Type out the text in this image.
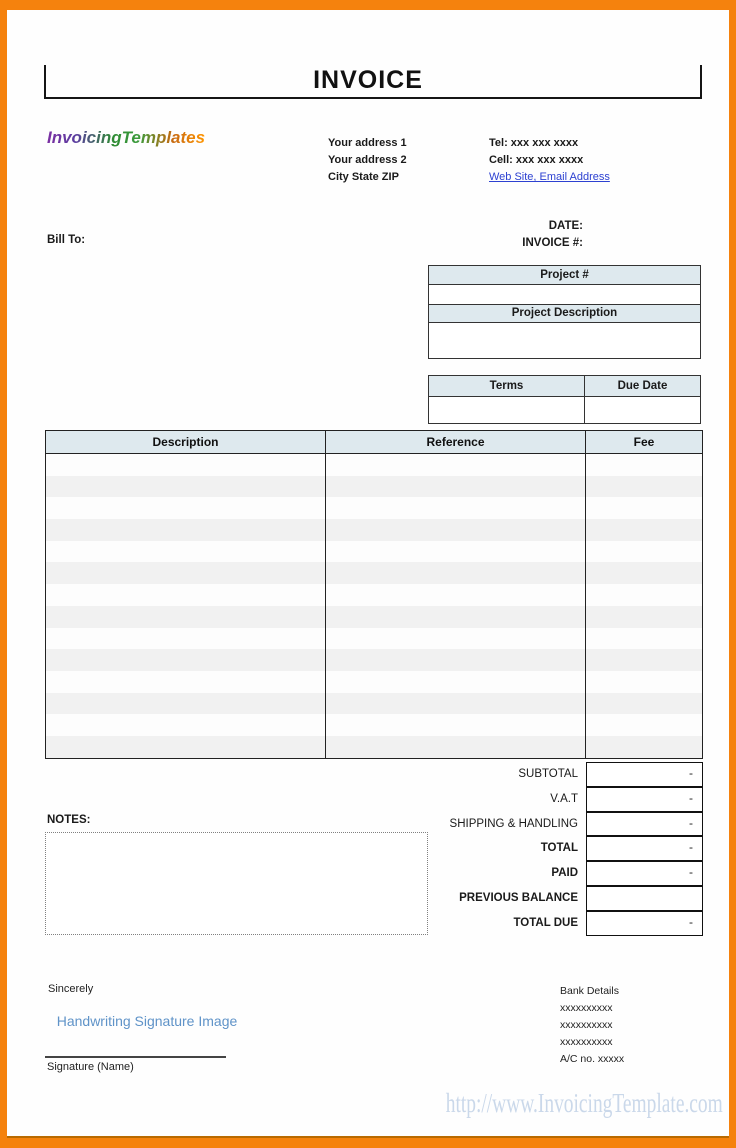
INVOICE
InvoicingTemplates	Your address 1
Your address 2
City State ZIP
Tel: xxx xxx xxxx
Cell: xxx xxx xxxx
Web Site, Email Address
Bill To:
DATE:
INVOICE #:
Project #
Project Description
Terms	Due Date
Description	Reference	Fee
SUBTOTAL	-
V.A.T	-
SHIPPING & HANDLING	-
TOTAL	-
PAID	-
PREVIOUS BALANCE
TOTAL DUE	-
NOTES:
Sincerely
Handwriting Signature Image
Signature (Name)
Bank Details
xxxxxxxxxx
xxxxxxxxxx
xxxxxxxxxx
A/C no. xxxxx
http://www.InvoicingTemplate.com
